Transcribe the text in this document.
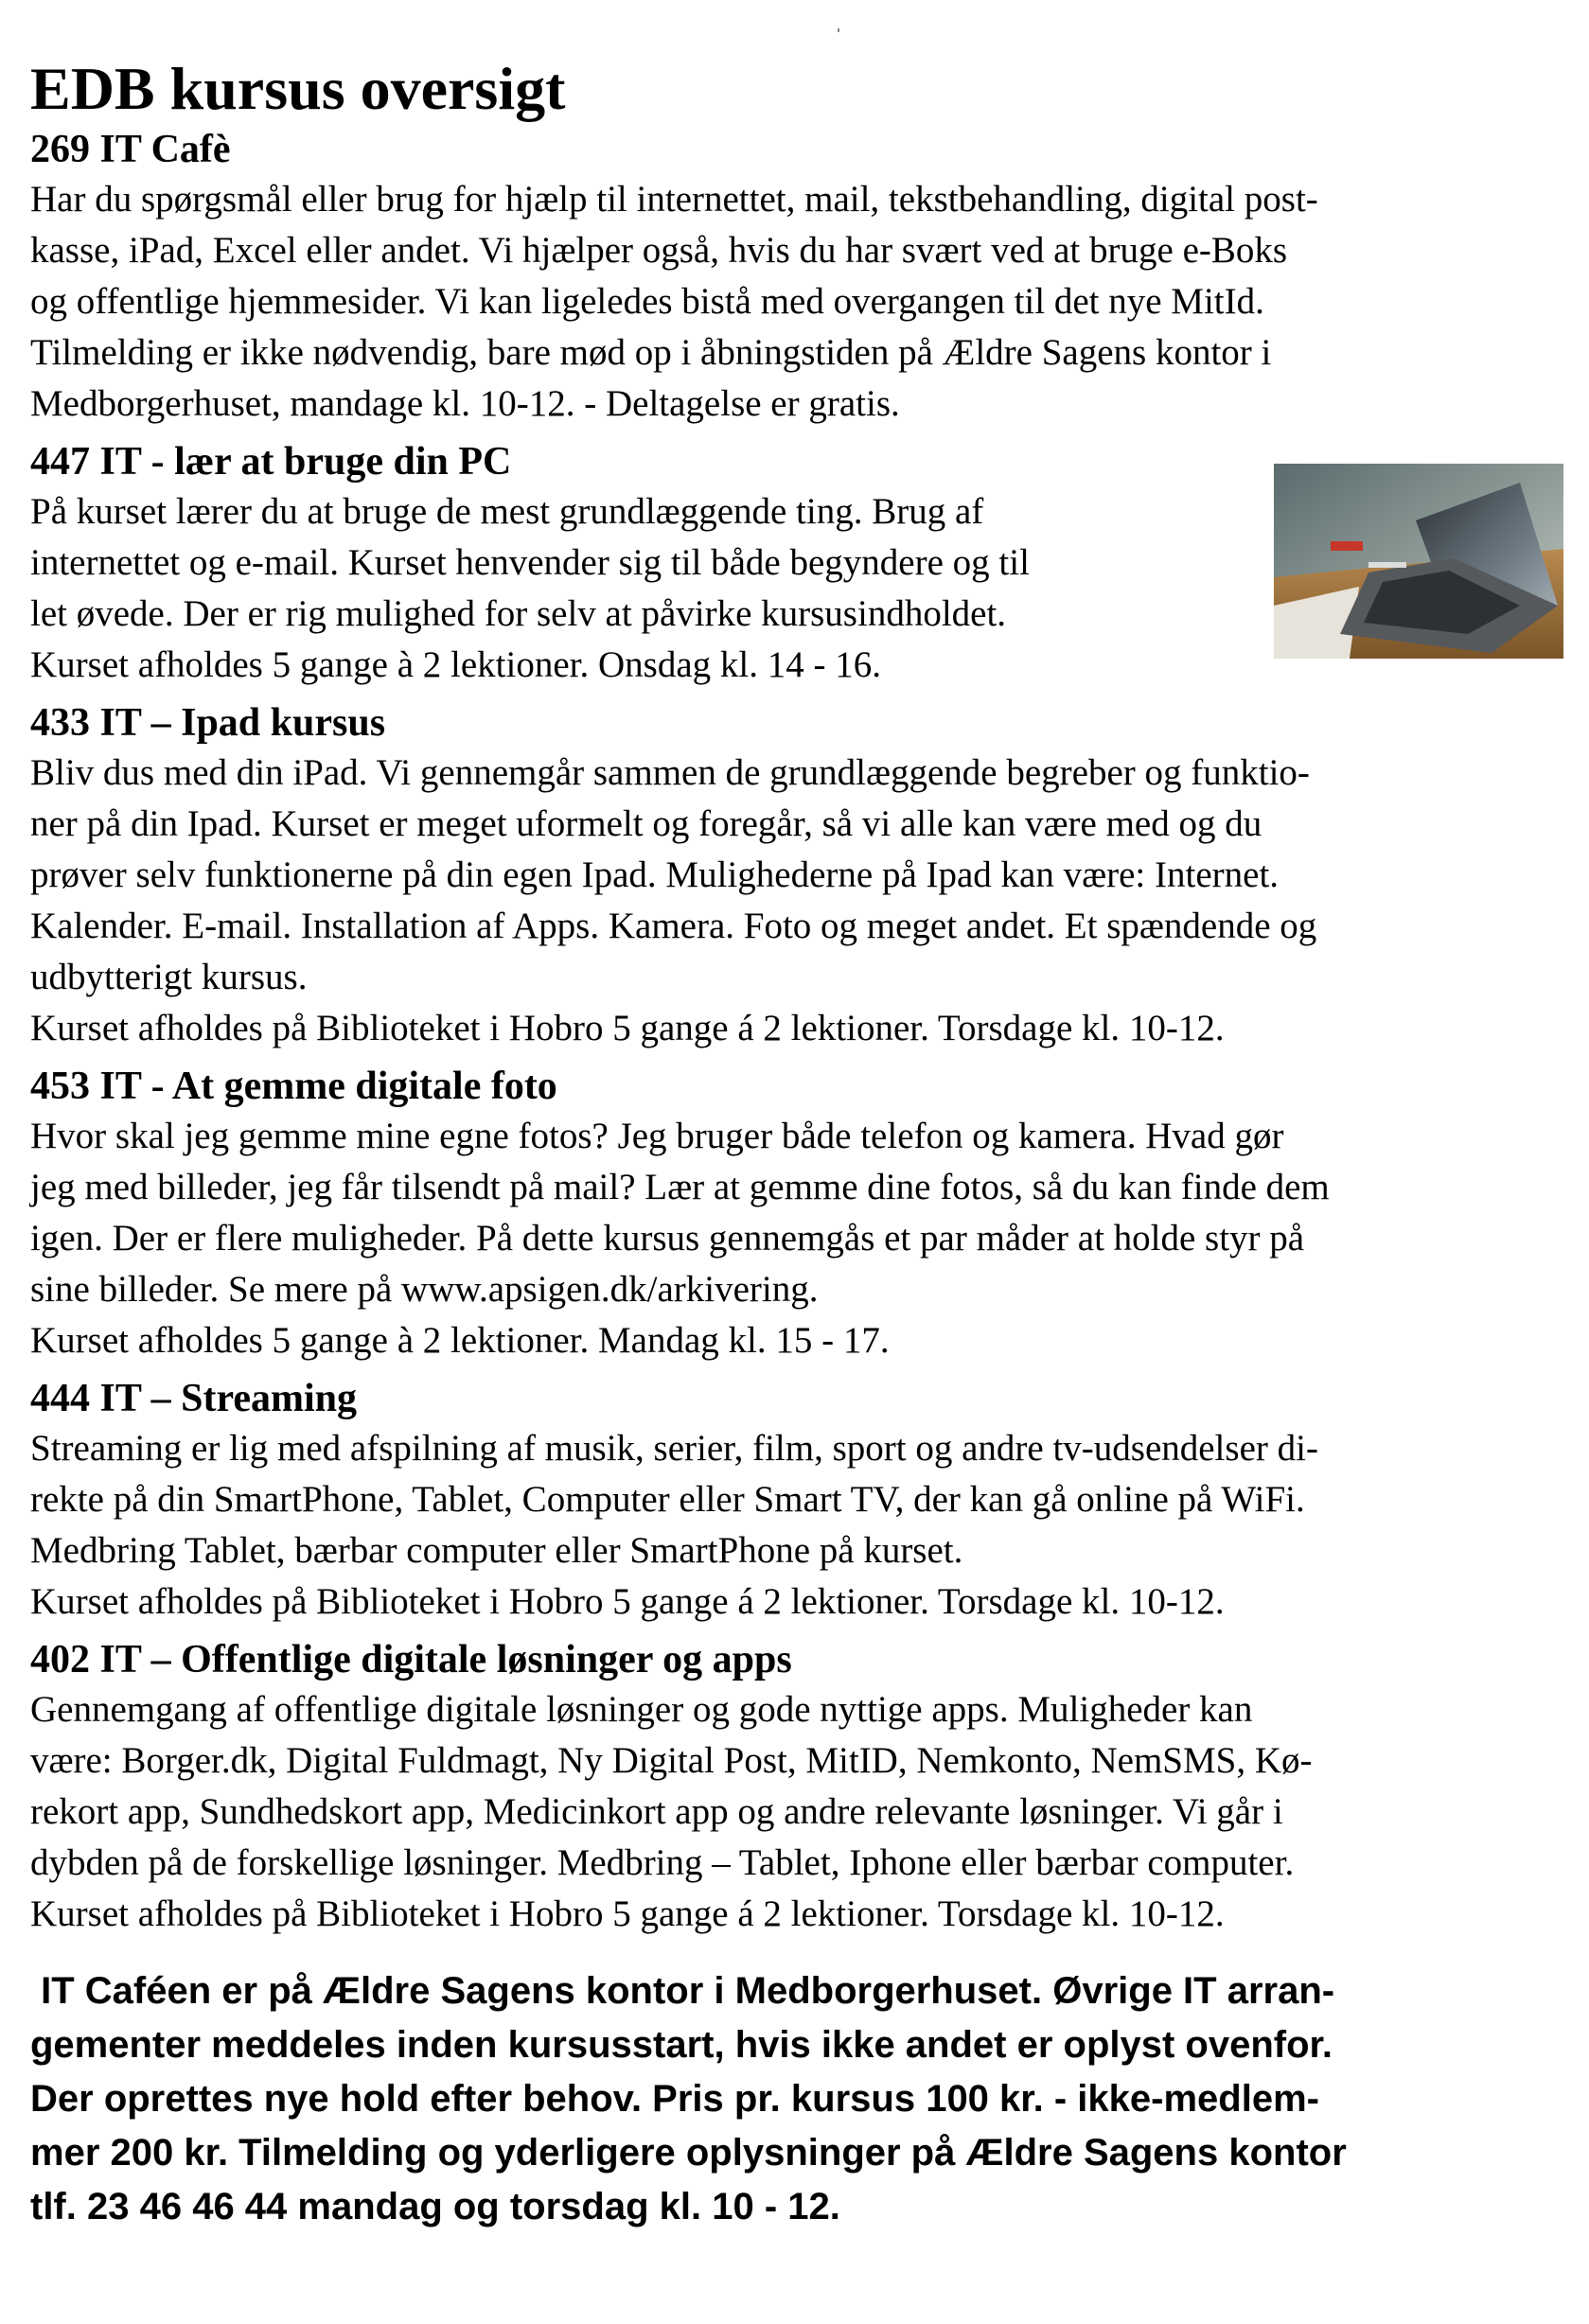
EDB kursus oversigt
269 IT Cafè

Har du spørgsmål eller brug for hjælp til internettet, mail, tekstbehandling, digital post-

kasse, iPad, Excel eller andet. Vi hjælper også, hvis du har svært ved at bruge e-Boks

og offentlige hjemmesider. Vi kan ligeledes bistå med overgangen til det nye MitId.

Tilmelding er ikke nødvendig, bare mød op i åbningstiden på Ældre Sagens kontor i

Medborgerhuset, mandage kl. 10-12. - Deltagelse er gratis.

447 IT - lær at bruge din PC

På kurset lærer du at bruge de mest grundlæggende ting. Brug af

internettet og e-mail. Kurset henvender sig til både begyndere og til

let øvede. Der er rig mulighed for selv at påvirke kursusindholdet.

Kurset afholdes 5 gange à 2 lektioner. Onsdag kl. 14 - 16.

433 IT – Ipad kursus

Bliv dus med din iPad. Vi gennemgår sammen de grundlæggende begreber og funktio-

ner på din Ipad. Kurset er meget uformelt og foregår, så vi alle kan være med og du

prøver selv funktionerne på din egen Ipad. Mulighederne på Ipad kan være: Internet.

Kalender. E-mail. Installation af Apps. Kamera. Foto og meget andet. Et spændende og

udbytterigt kursus.

Kurset afholdes på Biblioteket i Hobro 5 gange á 2 lektioner. Torsdage kl. 10-12.

453 IT - At gemme digitale foto

Hvor skal jeg gemme mine egne fotos? Jeg bruger både telefon og kamera. Hvad gør

jeg med billeder, jeg får tilsendt på mail? Lær at gemme dine fotos, så du kan finde dem

igen. Der er flere muligheder. På dette kursus gennemgås et par måder at holde styr på

sine billeder. Se mere på www.apsigen.dk/arkivering.

Kurset afholdes 5 gange à 2 lektioner. Mandag kl. 15 - 17.

444 IT – Streaming

Streaming er lig med afspilning af musik, serier, film, sport og andre tv-udsendelser di-

rekte på din SmartPhone, Tablet, Computer eller Smart TV, der kan gå online på WiFi.

Medbring Tablet, bærbar computer eller SmartPhone på kurset.

Kurset afholdes på Biblioteket i Hobro 5 gange á 2 lektioner. Torsdage kl. 10-12.

402 IT – Offentlige digitale løsninger og apps

Gennemgang af offentlige digitale løsninger og gode nyttige apps. Muligheder kan

være: Borger.dk, Digital Fuldmagt, Ny Digital Post, MitID, Nemkonto, NemSMS, Kø-

rekort app, Sundhedskort app, Medicinkort app og andre relevante løsninger. Vi går i

dybden på de forskellige løsninger. Medbring – Tablet, Iphone eller bærbar computer.

Kurset afholdes på Biblioteket i Hobro 5 gange á 2 lektioner. Torsdage kl. 10-12.

IT Caféen er på Ældre Sagens kontor i Medborgerhuset. Øvrige IT arran-
gementer meddeles inden kursusstart, hvis ikke andet er oplyst ovenfor.
Der oprettes nye hold efter behov. Pris pr. kursus 100 kr. - ikke-medlem-
mer 200 kr. Tilmelding og yderligere oplysninger på Ældre Sagens kontor
tlf. 23 46 46 44 mandag og torsdag kl. 10 - 12.
